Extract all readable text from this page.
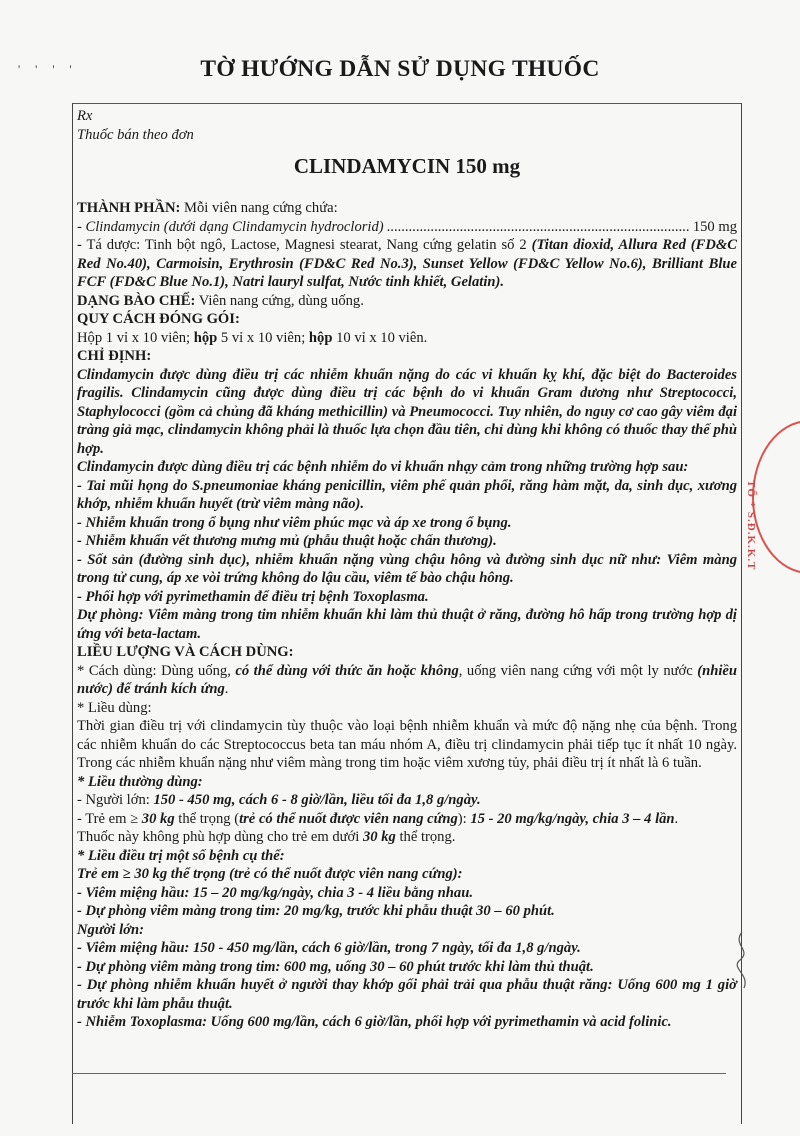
' ' ' '	TỜ HƯỚNG DẪN SỬ DỤNG THUỐC
Rx
Thuốc bán theo đơn
CLINDAMYCIN 150 mg
THÀNH PHẦN: Mỗi viên nang cứng chứa:
- Clindamycin (dưới dạng Clindamycin hydroclorid)
.....	150 mg
- Tá dược: Tinh bột ngô, Lactose, Magnesi stearat, Nang cứng gelatin số 2 (Titan dioxid, Allura Red (FD&C Red No.40), Carmoisin, Erythrosin (FD&C Red No.3), Sunset Yellow (FD&C Yellow No.6), Brilliant Blue FCF (FD&C Blue No.1), Natri lauryl sulfat, Nước tinh khiết, Gelatin).
DẠNG BÀO CHẾ: Viên nang cứng, dùng uống.
QUY CÁCH ĐÓNG GÓI:
Hộp 1 vỉ x 10 viên; hộp 5 vỉ x 10 viên; hộp 10 vỉ x 10 viên.
CHỈ ĐỊNH:
Clindamycin được dùng điều trị các nhiễm khuẩn nặng do các vi khuẩn kỵ khí, đặc biệt do Bacteroides fragilis. Clindamycin cũng được dùng điều trị các bệnh do vi khuẩn Gram dương như Streptococci, Staphylococci (gồm cả chủng đã kháng methicillin) và Pneumococci. Tuy nhiên, do nguy cơ cao gây viêm đại tràng giả mạc, clindamycin không phải là thuốc lựa chọn đầu tiên, chỉ dùng khi không có thuốc thay thế phù hợp.
Clindamycin được dùng điều trị các bệnh nhiễm do vi khuẩn nhạy cảm trong những trường hợp sau:
- Tai mũi họng do S.pneumoniae kháng penicillin, viêm phế quản phổi, răng hàm mặt, da, sinh dục, xương khớp, nhiễm khuẩn huyết (trừ viêm màng não).
- Nhiễm khuẩn trong ổ bụng như viêm phúc mạc và áp xe trong ổ bụng.
- Nhiễm khuẩn vết thương mưng mủ (phẫu thuật hoặc chấn thương).
- Sốt sản (đường sinh dục), nhiễm khuẩn nặng vùng chậu hông và đường sinh dục nữ như: Viêm màng trong tử cung, áp xe vòi trứng không do lậu cầu, viêm tế bào chậu hông.
- Phối hợp với pyrimethamin để điều trị bệnh Toxoplasma.
Dự phòng: Viêm màng trong tim nhiễm khuẩn khi làm thủ thuật ở răng, đường hô hấp trong trường hợp dị ứng với beta-lactam.
LIỀU LƯỢNG VÀ CÁCH DÙNG:
* Cách dùng: Dùng uống, có thể dùng với thức ăn hoặc không, uống viên nang cứng với một ly nước (nhiều nước) để tránh kích ứng.
* Liều dùng:
Thời gian điều trị với clindamycin tùy thuộc vào loại bệnh nhiễm khuẩn và mức độ nặng nhẹ của bệnh. Trong các nhiễm khuẩn do các Streptococcus beta tan máu nhóm A, điều trị clindamycin phải tiếp tục ít nhất 10 ngày. Trong các nhiễm khuẩn nặng như viêm màng trong tim hoặc viêm xương tủy, phải điều trị ít nhất là 6 tuần.
* Liều thường dùng:
- Người lớn: 150 - 450 mg, cách 6 - 8 giờ/lần, liều tối đa 1,8 g/ngày.
- Trẻ em ≥ 30 kg thể trọng (trẻ có thể nuốt được viên nang cứng): 15 - 20 mg/kg/ngày, chia 3 – 4 lần.
Thuốc này không phù hợp dùng cho trẻ em dưới 30 kg thể trọng.
* Liều điều trị một số bệnh cụ thể:
Trẻ em ≥ 30 kg thể trọng (trẻ có thể nuốt được viên nang cứng):
- Viêm miệng hầu: 15 – 20 mg/kg/ngày, chia 3 - 4 liều bằng nhau.
- Dự phòng viêm màng trong tim: 20 mg/kg, trước khi phẫu thuật 30 – 60 phút.
Người lớn:
- Viêm miệng hầu: 150 - 450 mg/lần, cách 6 giờ/lần, trong 7 ngày, tối đa 1,8 g/ngày.
- Dự phòng viêm màng trong tim: 600 mg, uống 30 – 60 phút trước khi làm thủ thuật.
- Dự phòng nhiễm khuẩn huyết ở người thay khớp gối phải trải qua phẫu thuật răng: Uống 600 mg 1 giờ trước khi làm phẫu thuật.
- Nhiễm Toxoplasma: Uống 600 mg/lần, cách 6 giờ/lần, phối hợp với pyrimethamin và acid folinic.
TỔ * S.Đ.K.K.T
